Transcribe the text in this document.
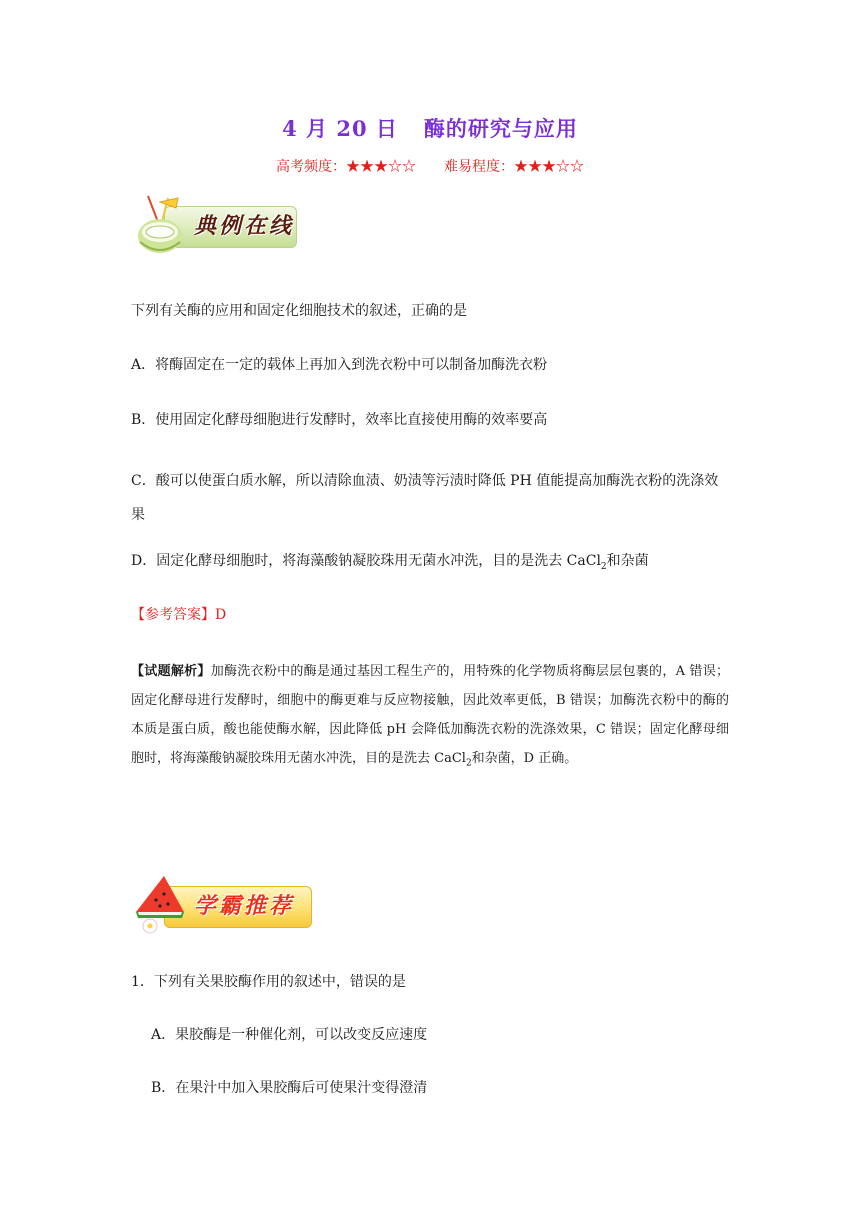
4 月 20 日 酶的研究与应用
高考频度：★★★☆☆ 难易程度：★★★☆☆
典例在线
下列有关酶的应用和固定化细胞技术的叙述，正确的是
A．将酶固定在一定的载体上再加入到洗衣粉中可以制备加酶洗衣粉
B．使用固定化酵母细胞进行发酵时，效率比直接使用酶的效率要高
C．酸可以使蛋白质水解，所以清除血渍、奶渍等污渍时降低 PH 值能提高加酶洗衣粉的洗涤效果
D．固定化酵母细胞时，将海藻酸钠凝胶珠用无菌水冲洗，目的是洗去 CaCl$_2$和杂菌
【参考答案】D
【试题解析】加酶洗衣粉中的酶是通过基因工程生产的，用特殊的化学物质将酶层层包裹的，A 错误；固定化酵母进行发酵时，细胞中的酶更难与反应物接触，因此效率更低，B 错误；加酶洗衣粉中的酶的本质是蛋白质，酸也能使酶水解，因此降低 pH 会降低加酶洗衣粉的洗涤效果，C 错误；固定化酵母细胞时，将海藻酸钠凝胶珠用无菌水冲洗，目的是洗去 CaCl$_2$和杂菌，D 正确。
学霸推荐
1．下列有关果胶酶作用的叙述中，错误的是
A．果胶酶是一种催化剂，可以改变反应速度
B．在果汁中加入果胶酶后可使果汁变得澄清
